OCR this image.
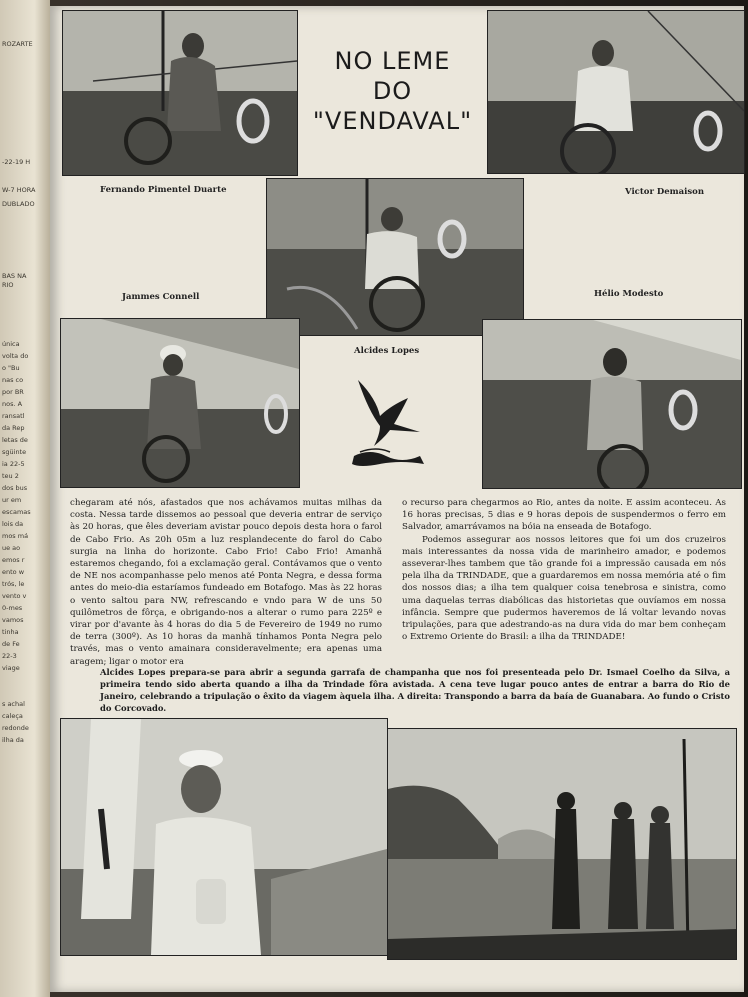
ROZARTE
-22-19 H
W-7 HORA
DUBLADO
BAS NA
RIO
única
volta do
o "Bu
nas co
por BR
nos. A
ransatl
da Rep
letas de
sgüinte
ia 22-5
teu 2
dos bus
ur em
escamas
lois da
mos má
ue ao
emos r
ento w
trós, le
vento v
0-mes
vamos
tinha
de Fe
22-3
viage
s achal
caleça
redonde
ilha da
NO LEME
DO
"VENDAVAL"
Fernando Pimentel Duarte	Victor Demaison
Jammes Connell	Hélio Modesto
Alcides Lopes
chegaram até nós, afastados que nos achávamos muitas milhas da costa. Nessa tarde dissemos ao pessoal que deveria entrar de serviço às 20 horas, que êles deveriam avistar pouco depois desta hora o farol de Cabo Frio. As 20h 05m a luz resplandecente do farol do Cabo surgia na linha do horizonte. Cabo Frio! Cabo Frio! Amanhã estaremos chegando, foi a exclamação geral. Contávamos que o vento de NE nos acompanhasse pelo menos até Ponta Negra, e dessa forma antes do meio-dia estaríamos fundeado em Botafogo. Mas às 22 horas o vento saltou para NW, refrescando e vndo para W de uns 50 quilômetros de fôrça, e obrigando-nos a alterar o rumo para 225º e virar por d'avante às 4 horas do dia 5 de Fevereiro de 1949 no rumo de terra (300º). As 10 horas da manhã tínhamos Ponta Negra pelo través, mas o vento amainara consideravelmente; era apenas uma aragem; ligar o motor era
o recurso para chegarmos ao Rio, antes da noite. E assim aconteceu. As 16 horas precisas, 5 dias e 9 horas depois de suspendermos o ferro em Salvador, amarrávamos na bóia na enseada de Botafogo.
Podemos assegurar aos nossos leitores que foi um dos cruzeiros mais interessantes da nossa vida de marinheiro amador, e podemos asseverar-lhes tambem que tão grande foi a impressão causada em nós pela ilha da TRINDADE, que a guardaremos em nossa memória até o fim dos nossos dias; a ilha tem qualquer coisa tenebrosa e sinistra, como uma daquelas terras diabólicas das historietas que ouvíamos em nossa infância. Sempre que pudermos haveremos de lá voltar levando novas tripulações, para que adestrando-as na dura vida do mar bem conheçam o Extremo Oriente do Brasil: a ilha da TRINDADE!
Alcides Lopes prepara-se para abrir a segunda garrafa de champanha que nos foi presenteada pelo Dr. Ismael Coelho da Silva, a primeira tendo sido aberta quando a ilha da Trindade fôra avistada. A cena teve lugar pouco antes de entrar a barra do Rio de Janeiro, celebrando a tripulação o êxito da viagem àquela ilha. A direita: Transpondo a barra da baía de Guanabara. Ao fundo o Cristo do Corcovado.
